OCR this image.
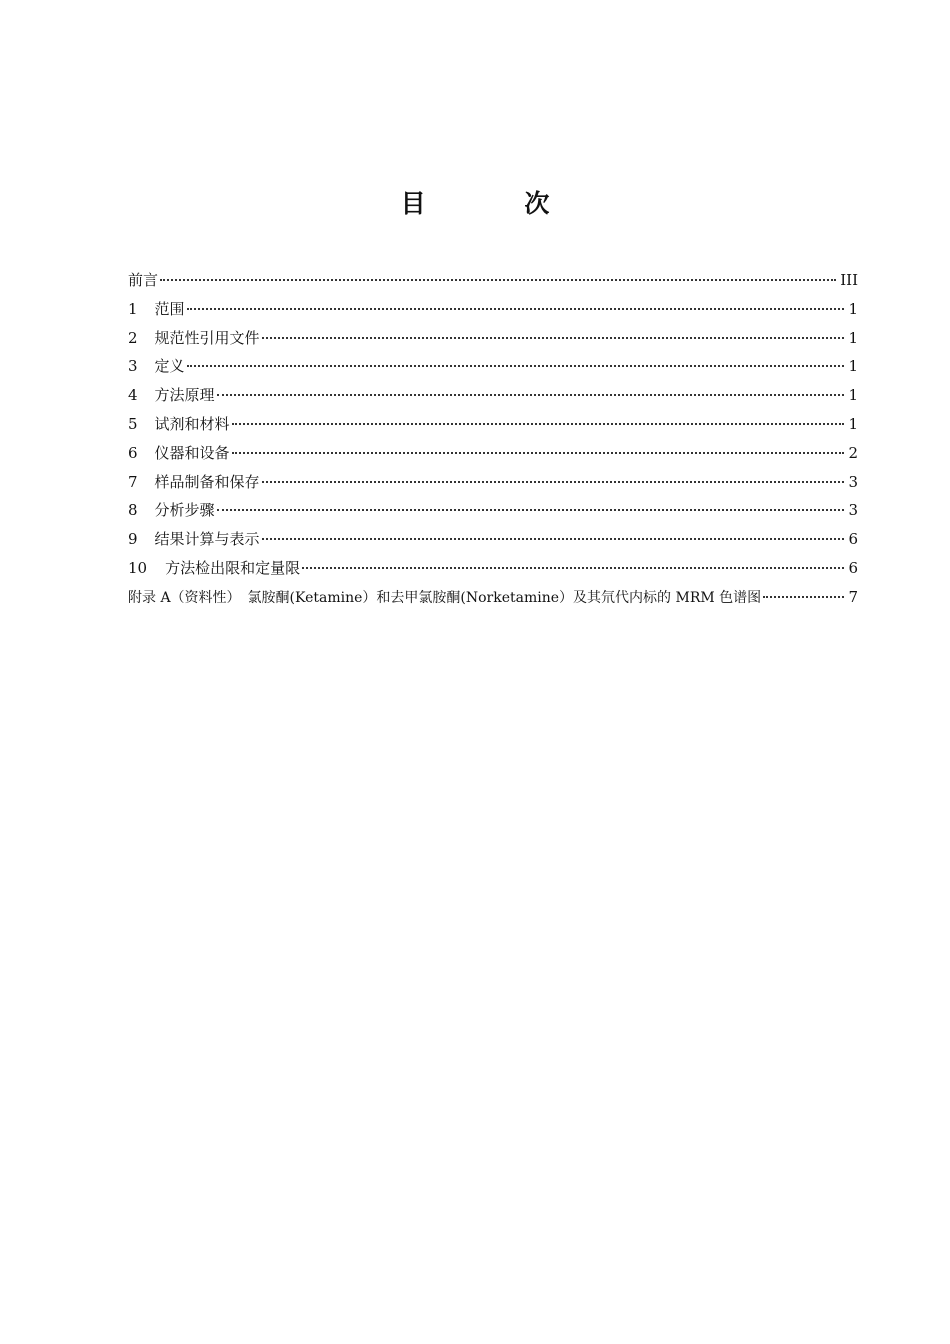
目 次
前言	III
1	范围	1
2	规范性引用文件	1
3	定义	1
4	方法原理	1
5	试剂和材料	1
6	仪器和设备	2
7	样品制备和保存	3
8	分析步骤	3
9	结果计算与表示	6
10	方法检出限和定量限	6
附录 A（资料性）　氯胺酮(Ketamine）和去甲氯胺酮(Norketamine）及其氘代内标的 MRM 色谱图	7
